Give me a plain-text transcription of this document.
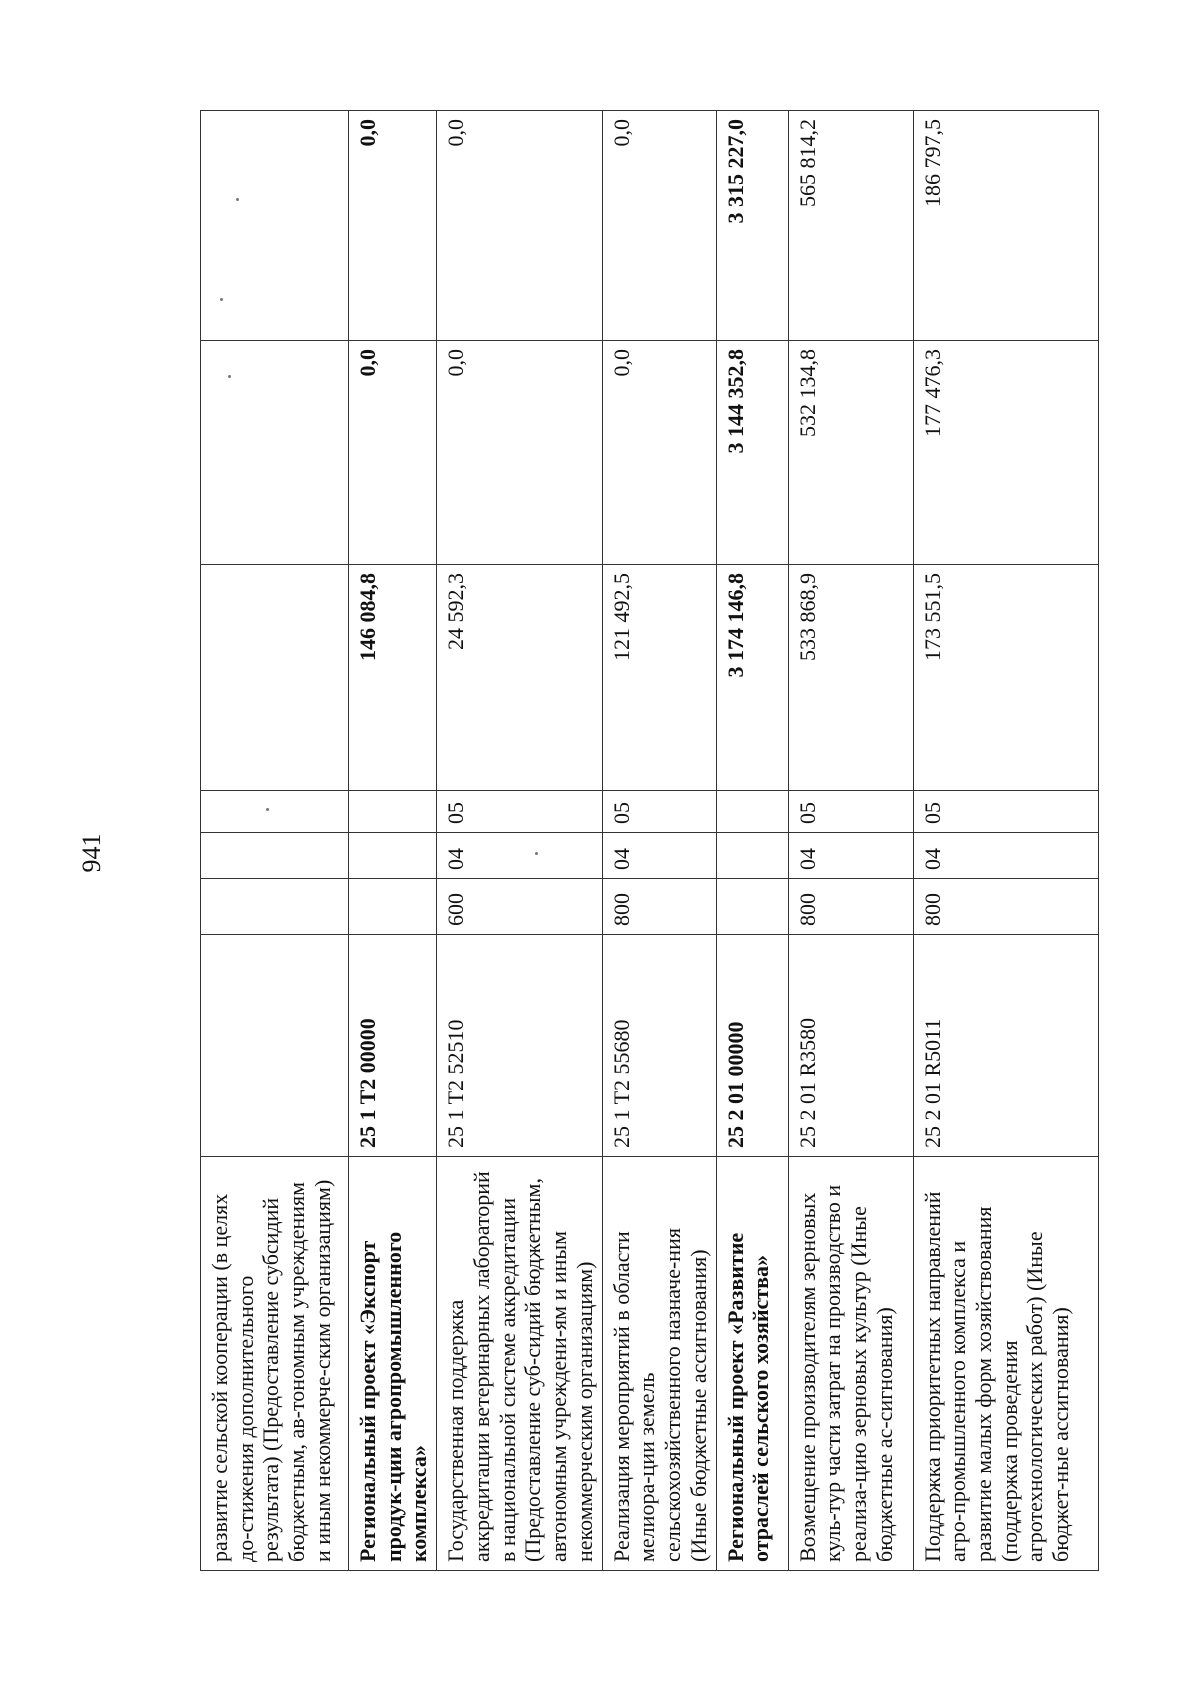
941
развитие сельской кооперации (в целях до-стижения дополнительного результата) (Предоставление субсидий бюджетным, ав-тономным учреждениям и иным некоммерче-ским организациям)							
Региональный проект «Экспорт продук-ции агропромышленного комплекса»	25 1 T2 00000				146 084,8	0,0	0,0
Государственная поддержка аккредитации ветеринарных лабораторий в национальной системе аккредитации (Предоставление суб-сидий бюджетным, автономным учреждени-ям и иным некоммерческим организациям)	25 1 T2 52510	600	04	05	24 592,3	0,0	0,0
Реализация мероприятий в области мелиора-ции земель сельскохозяйственного назначе-ния (Иные бюджетные ассигнования)	25 1 T2 55680	800	04	05	121 492,5	0,0	0,0
Региональный проект «Развитие отраслей сельского хозяйства»	25 2 01 00000				3 174 146,8	3 144 352,8	3 315 227,0
Возмещение производителям зерновых куль-тур части затрат на производство и реализа-цию зерновых культур (Иные бюджетные ас-сигнования)	25 2 01 R3580	800	04	05	533 868,9	532 134,8	565 814,2
Поддержка приоритетных направлений агро-промышленного комплекса и развитие малых форм хозяйствования (поддержка проведения агротехнологических работ) (Иные бюджет-ные ассигнования)	25 2 01 R5011	800	04	05	173 551,5	177 476,3	186 797,5
